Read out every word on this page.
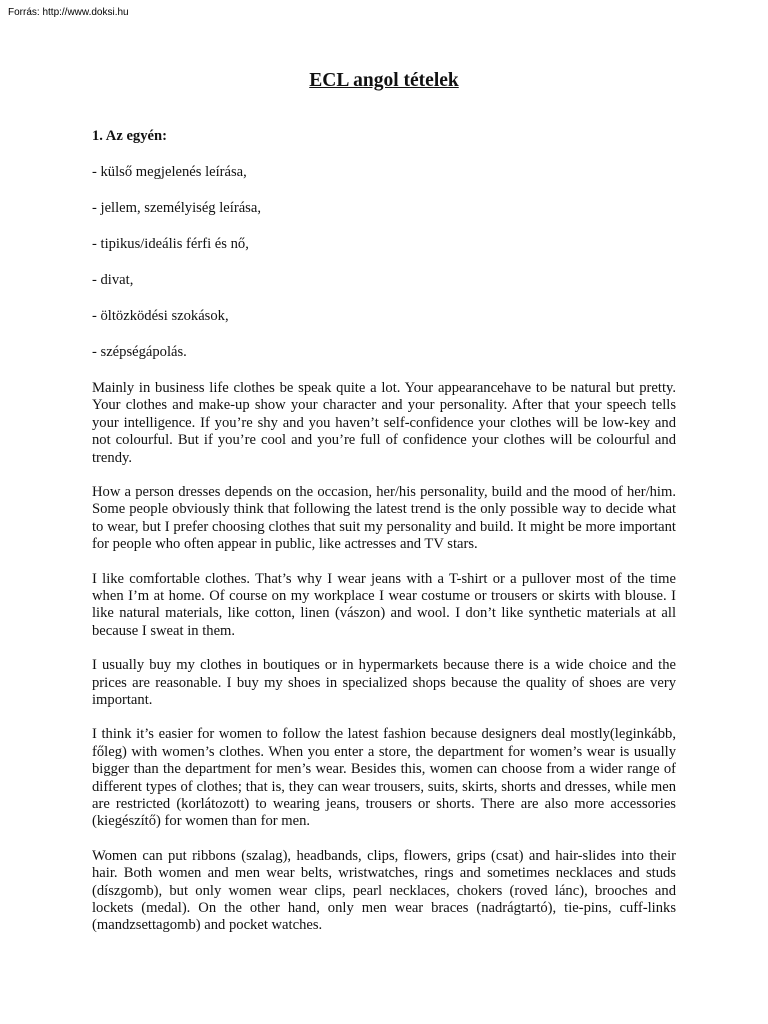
Forrás: http://www.doksi.hu
ECL angol tételek
1. Az egyén:
- külső megjelenés leírása,
- jellem, személyiség leírása,
- tipikus/ideális férfi és nő,
- divat,
- öltözködési szokások,
- szépségápolás.

Mainly in business life clothes be speak quite a lot. Your appearancehave to be natural but pretty. Your clothes and make-up show your character and your personality. After that your speech tells your intelligence. If you’re shy and you haven’t self-confidence your clothes will be low-key and not colourful. But if you’re cool and you’re full of confidence your clothes will be colourful and trendy.

How a person dresses depends on the occasion, her/his personality, build and the mood of her/him. Some people obviously think that following the latest trend is the only possible way to decide what to wear, but I prefer choosing clothes that suit my personality and build. It might be more important for people who often appear in public, like actresses and TV stars.

I like comfortable clothes. That’s why I wear jeans with a T-shirt or a pullover most of the time when I’m at home. Of course on my workplace I wear costume or trousers or skirts with blouse. I like natural materials, like cotton, linen (vászon) and wool. I don’t like synthetic materials at all because I sweat in them.

I usually buy my clothes in boutiques or in hypermarkets because there is a wide choice and the prices are reasonable. I buy my shoes in specialized shops because the quality of shoes are very important.

I think it’s easier for women to follow the latest fashion because designers deal mostly(leginkább, főleg) with women’s clothes. When you enter a store, the department for women’s wear is usually bigger than the department for men’s wear. Besides this, women can choose from a wider range of different types of clothes; that is, they can wear trousers, suits, skirts, shorts and dresses, while men are restricted (korlátozott) to wearing jeans, trousers or shorts. There are also more accessories (kiegészítő) for women than for men.

Women can put ribbons (szalag), headbands, clips, flowers, grips (csat) and hair-slides into their hair. Both women and men wear belts, wristwatches, rings and sometimes necklaces and studs (díszgomb), but only women wear clips, pearl necklaces, chokers (roved lánc), brooches and lockets (medal). On the other hand, only men wear braces (nadrágtartó), tie-pins, cuff-links (mandzsettagomb) and pocket watches.
